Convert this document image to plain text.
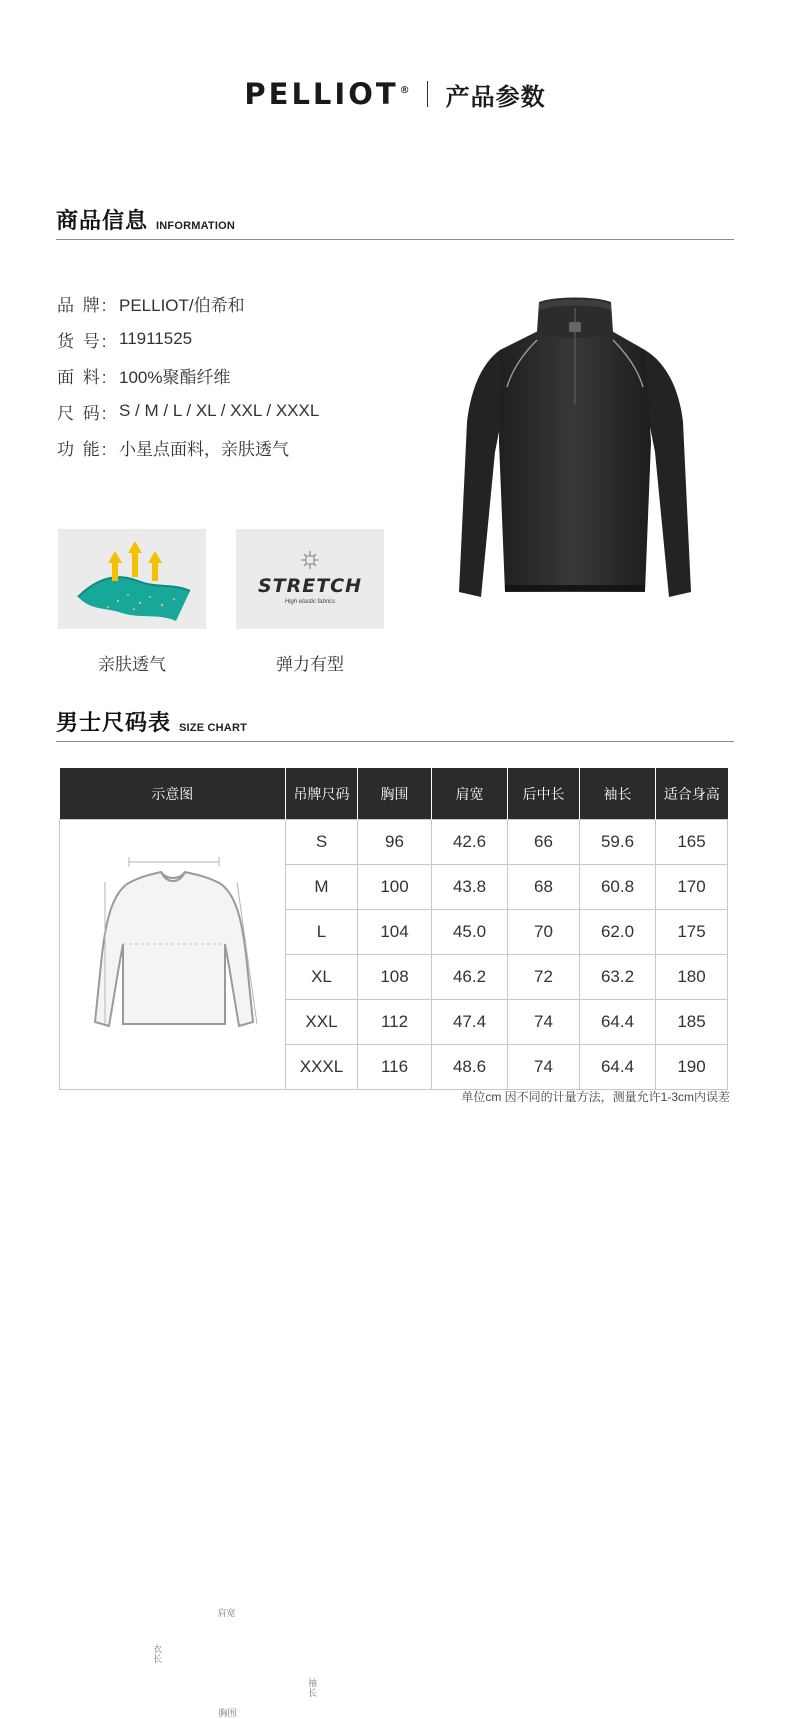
PELLIOT® 产品参数
商品信息 INFORMATION
品 牌: PELLIOT/伯希和
货 号: 11911525
面 料: 100%聚酯纤维
尺 码: S / M / L / XL / XXL / XXXL
功 能: 小星点面料，亲肤透气
STRETCH
High elastic fabrics
亲肤透气	弹力有型
男士尺码表 SIZE CHART
示意图	吊牌尺码	胸围	肩宽	后中长	袖长	适合身高

肩宽
衣长
袖长
胸围	S	96	42.6	66	59.6	165
	M	100	43.8	68	60.8	170
	L	104	45.0	70	62.0	175
	XL	108	46.2	72	63.2	180
	XXL	112	47.4	74	64.4	185
	XXXL	116	48.6	74	64.4	190
单位cm 因不同的计量方法，测量允许1-3cm内误差
